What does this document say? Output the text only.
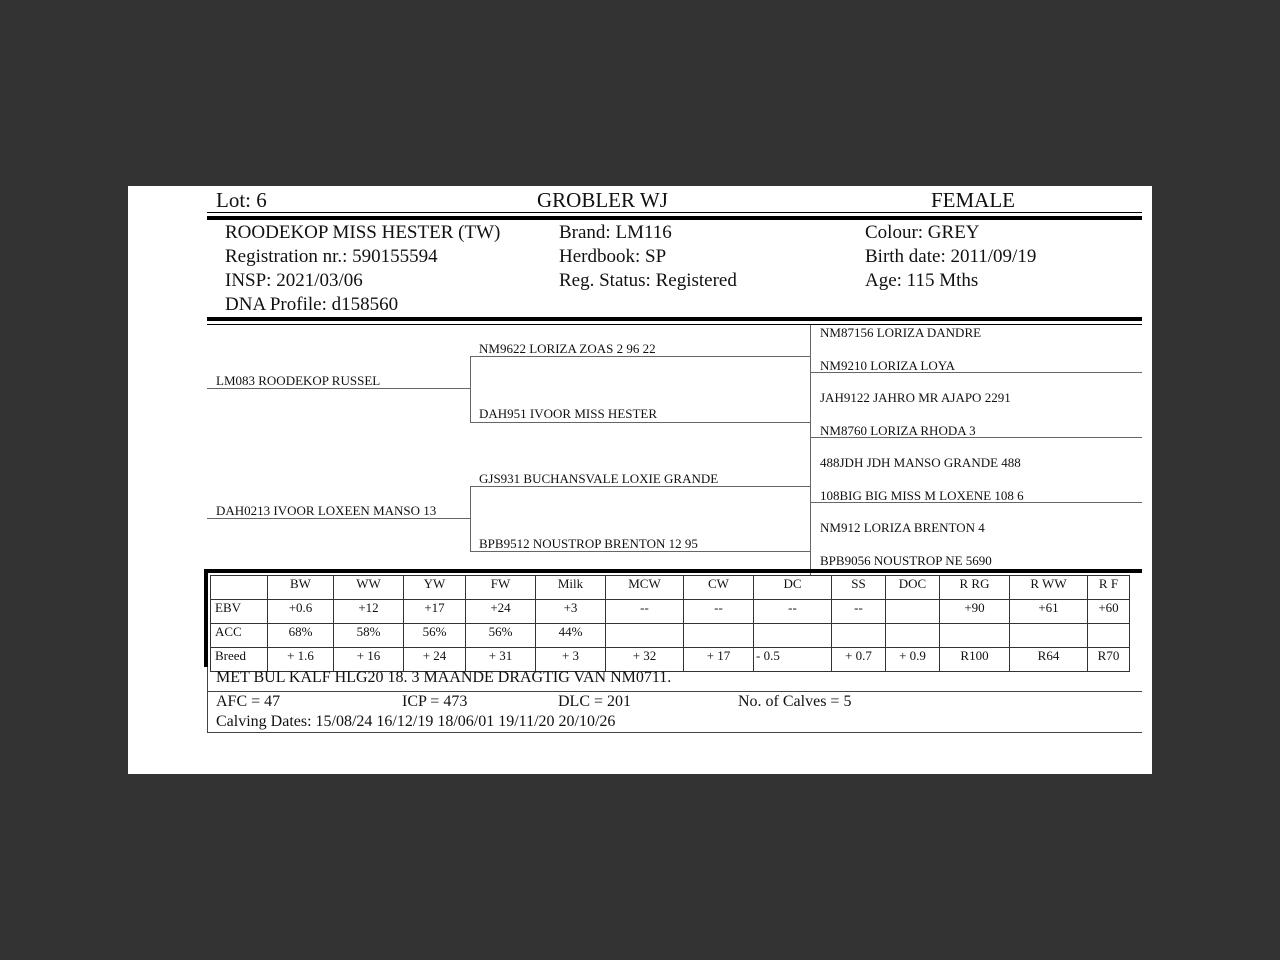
Lot: 6	GROBLER WJ	FEMALE
ROODEKOP MISS HESTER (TW)
Registration nr.: 590155594
INSP: 2021/03/06
DNA Profile: d158560
Brand: LM116
Herdbook: SP
Reg. Status: Registered
Colour: GREY
Birth date: 2011/09/19
Age: 115 Mths
LM083 ROODEKOP RUSSEL
DAH0213 IVOOR LOXEEN MANSO 13
NM9622 LORIZA ZOAS 2 96 22
DAH951 IVOOR MISS HESTER
GJS931 BUCHANSVALE LOXIE GRANDE
BPB9512 NOUSTROP BRENTON 12 95
NM87156 LORIZA DANDRE
NM9210 LORIZA LOYA
JAH9122 JAHRO MR AJAPO 2291
NM8760 LORIZA RHODA 3
488JDH JDH MANSO GRANDE 488
108BIG BIG MISS M LOXENE 108 6
NM912 LORIZA BRENTON 4
BPB9056 NOUSTROP NE 5690
	BW	WW	YW	FW	Milk	MCW	CW	DC	SS	DOC	R RG	R WW	R F
EBV	+0.6	+12	+17	+24	+3	--	--	--	--		+90	+61	+60
ACC	68%	58%	56%	56%	44%								
Breed	+ 1.6	+ 16	+ 24	+ 31	+ 3	+ 32	+ 17	- 0.5	+ 0.7	+ 0.9	R100	R64	R70
MET BUL KALF HLG20 18. 3 MAANDE DRAGTIG VAN NM0711.
AFC = 47	ICP = 473	DLC = 201	No. of Calves = 5
Calving Dates: 15/08/24 16/12/19 18/06/01 19/11/20 20/10/26
